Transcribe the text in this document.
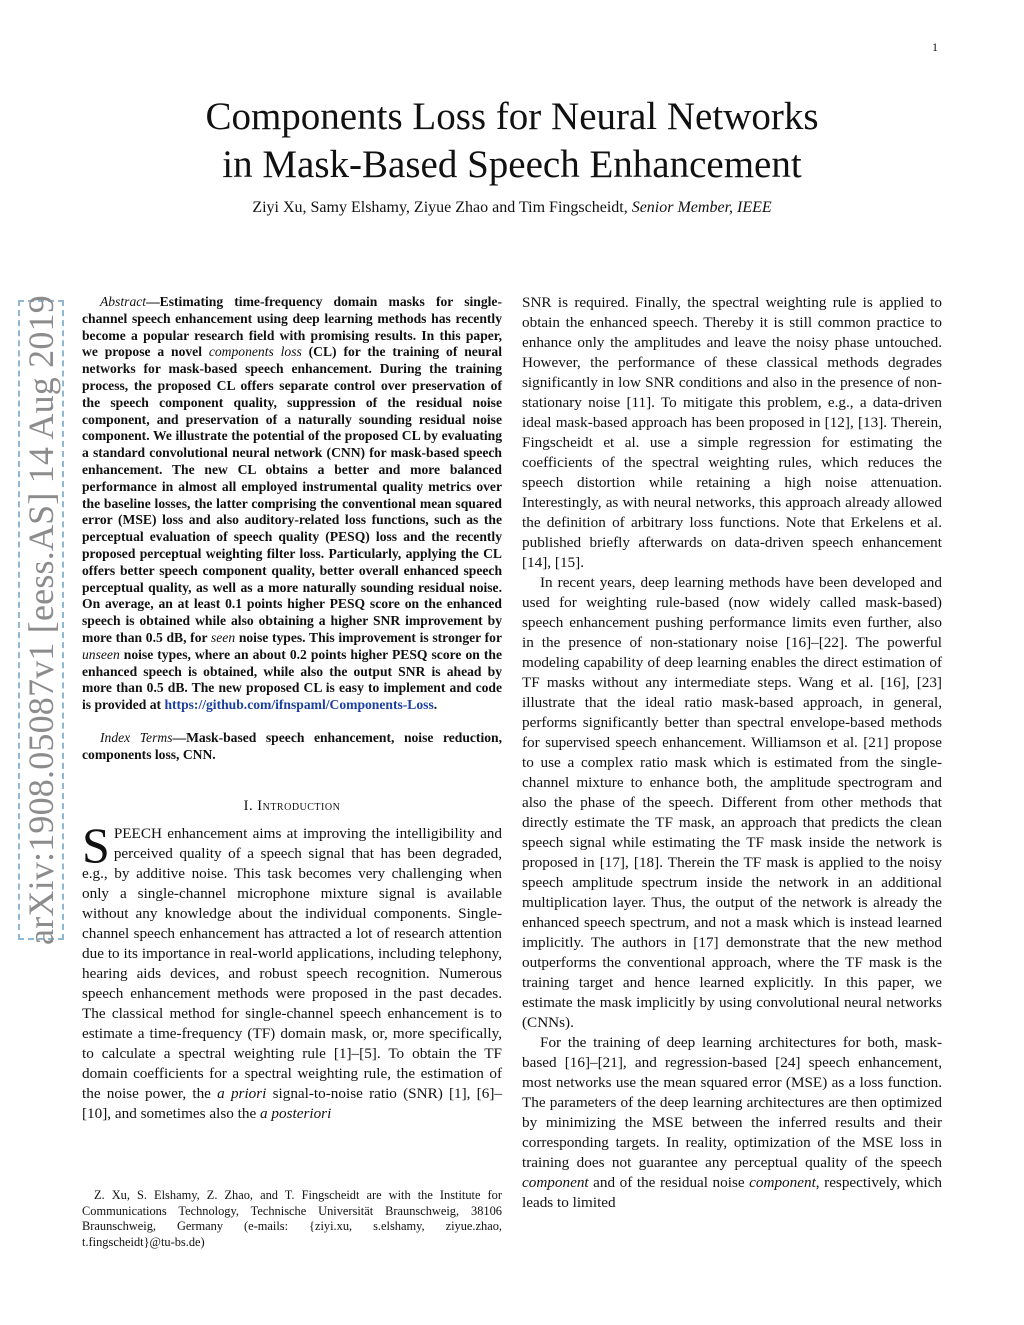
1
arXiv:1908.05087v1 [eess.AS] 14 Aug 2019
Components Loss for Neural Networks
in Mask-Based Speech Enhancement
Ziyi Xu, Samy Elshamy, Ziyue Zhao and Tim Fingscheidt, Senior Member, IEEE

Abstract—Estimating time-frequency domain masks for single-channel speech enhancement using deep learning methods has recently become a popular research field with promising results. In this paper, we propose a novel components loss (CL) for the training of neural networks for mask-based speech enhancement. During the training process, the proposed CL offers separate control over preservation of the speech component quality, suppression of the residual noise component, and preservation of a naturally sounding residual noise component. We illustrate the potential of the proposed CL by evaluating a standard convolutional neural network (CNN) for mask-based speech enhancement. The new CL obtains a better and more balanced performance in almost all employed instrumental quality metrics over the baseline losses, the latter comprising the conventional mean squared error (MSE) loss and also auditory-related loss functions, such as the perceptual evaluation of speech quality (PESQ) loss and the recently proposed perceptual weighting filter loss. Particularly, applying the CL offers better speech component quality, better overall enhanced speech perceptual quality, as well as a more naturally sounding residual noise. On average, an at least 0.1 points higher PESQ score on the enhanced speech is obtained while also obtaining a higher SNR improvement by more than 0.5 dB, for seen noise types. This improvement is stronger for unseen noise types, where an about 0.2 points higher PESQ score on the enhanced speech is obtained, while also the output SNR is ahead by more than 0.5 dB. The new proposed CL is easy to implement and code is provided at https://github.com/ifnspaml/Components-Loss.

Index Terms—Mask-based speech enhancement, noise reduction, components loss, CNN.

I. Introduction

SPEECH enhancement aims at improving the intelligibility and perceived quality of a speech signal that has been degraded, e.g., by additive noise. This task becomes very challenging when only a single-channel microphone mixture signal is available without any knowledge about the individual components. Single-channel speech enhancement has attracted a lot of research attention due to its importance in real-world applications, including telephony, hearing aids devices, and robust speech recognition. Numerous speech enhancement methods were proposed in the past decades. The classical method for single-channel speech enhancement is to estimate a time-frequency (TF) domain mask, or, more specifically, to calculate a spectral weighting rule [1]–[5]. To obtain the TF domain coefficients for a spectral weighting rule, the estimation of the noise power, the a priori signal-to-noise ratio (SNR) [1], [6]–[10], and sometimes also the a posteriori

SNR is required. Finally, the spectral weighting rule is applied to obtain the enhanced speech. Thereby it is still common practice to enhance only the amplitudes and leave the noisy phase untouched. However, the performance of these classical methods degrades significantly in low SNR conditions and also in the presence of non-stationary noise [11]. To mitigate this problem, e.g., a data-driven ideal mask-based approach has been proposed in [12], [13]. Therein, Fingscheidt et al. use a simple regression for estimating the coefficients of the spectral weighting rules, which reduces the speech distortion while retaining a high noise attenuation. Interestingly, as with neural networks, this approach already allowed the definition of arbitrary loss functions. Note that Erkelens et al. published briefly afterwards on data-driven speech enhancement [14], [15].

In recent years, deep learning methods have been developed and used for weighting rule-based (now widely called mask-based) speech enhancement pushing performance limits even further, also in the presence of non-stationary noise [16]–[22]. The powerful modeling capability of deep learning enables the direct estimation of TF masks without any intermediate steps. Wang et al. [16], [23] illustrate that the ideal ratio mask-based approach, in general, performs significantly better than spectral envelope-based methods for supervised speech enhancement. Williamson et al. [21] propose to use a complex ratio mask which is estimated from the single-channel mixture to enhance both, the amplitude spectrogram and also the phase of the speech. Different from other methods that directly estimate the TF mask, an approach that predicts the clean speech signal while estimating the TF mask inside the network is proposed in [17], [18]. Therein the TF mask is applied to the noisy speech amplitude spectrum inside the network in an additional multiplication layer. Thus, the output of the network is already the enhanced speech spectrum, and not a mask which is instead learned implicitly. The authors in [17] demonstrate that the new method outperforms the conventional approach, where the TF mask is the training target and hence learned explicitly. In this paper, we estimate the mask implicitly by using convolutional neural networks (CNNs).

For the training of deep learning architectures for both, mask-based [16]–[21], and regression-based [24] speech enhancement, most networks use the mean squared error (MSE) as a loss function. The parameters of the deep learning architectures are then optimized by minimizing the MSE between the inferred results and their corresponding targets. In reality, optimization of the MSE loss in training does not guarantee any perceptual quality of the speech component and of the residual noise component, respectively, which leads to limited

Z. Xu, S. Elshamy, Z. Zhao, and T. Fingscheidt are with the Institute for Communications Technology, Technische Universität Braunschweig, 38106 Braunschweig, Germany (e-mails: {ziyi.xu, s.elshamy, ziyue.zhao, t.fingscheidt}@tu-bs.de)
